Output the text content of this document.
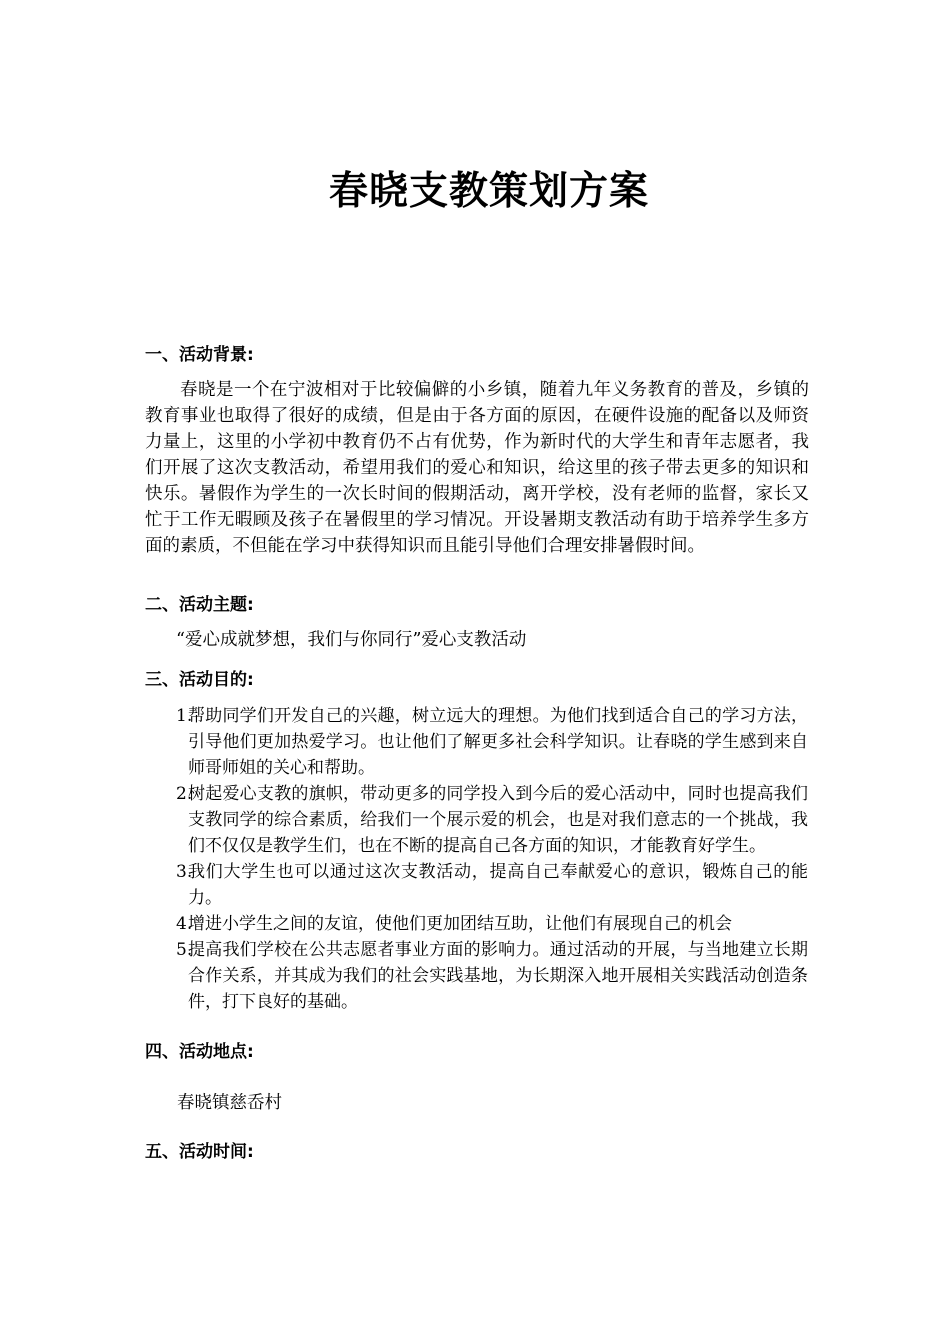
春晓支教策划方案
一、活动背景:
春晓是一个在宁波相对于比较偏僻的小乡镇，随着九年义务教育的普及，乡镇的教育事业也取得了很好的成绩，但是由于各方面的原因，在硬件设施的配备以及师资力量上，这里的小学初中教育仍不占有优势，作为新时代的大学生和青年志愿者，我们开展了这次支教活动，希望用我们的爱心和知识，给这里的孩子带去更多的知识和快乐。暑假作为学生的一次长时间的假期活动，离开学校，没有老师的监督，家长又忙于工作无暇顾及孩子在暑假里的学习情况。开设暑期支教活动有助于培养学生多方面的素质，不但能在学习中获得知识而且能引导他们合理安排暑假时间。
二、活动主题:
“爱心成就梦想，我们与你同行”爱心支教活动
三、活动目的:
1.
帮助同学们开发自己的兴趣，树立远大的理想。为他们找到适合自己的学习方法，引导他们更加热爱学习。也让他们了解更多社会科学知识。让春晓的学生感到来自师哥师姐的关心和帮助。
2.
树起爱心支教的旗帜，带动更多的同学投入到今后的爱心活动中，同时也提高我们支教同学的综合素质，给我们一个展示爱的机会，也是对我们意志的一个挑战，我们不仅仅是教学生们，也在不断的提高自己各方面的知识，才能教育好学生。
3.
我们大学生也可以通过这次支教活动，提高自己奉献爱心的意识，锻炼自己的能力。
4.
增进小学生之间的友谊，使他们更加团结互助，让他们有展现自己的机会
5.
提高我们学校在公共志愿者事业方面的影响力。通过活动的开展，与当地建立长期合作关系，并其成为我们的社会实践基地，为长期深入地开展相关实践活动创造条件，打下良好的基础。
四、活动地点:
春晓镇慈岙村
五、活动时间:
